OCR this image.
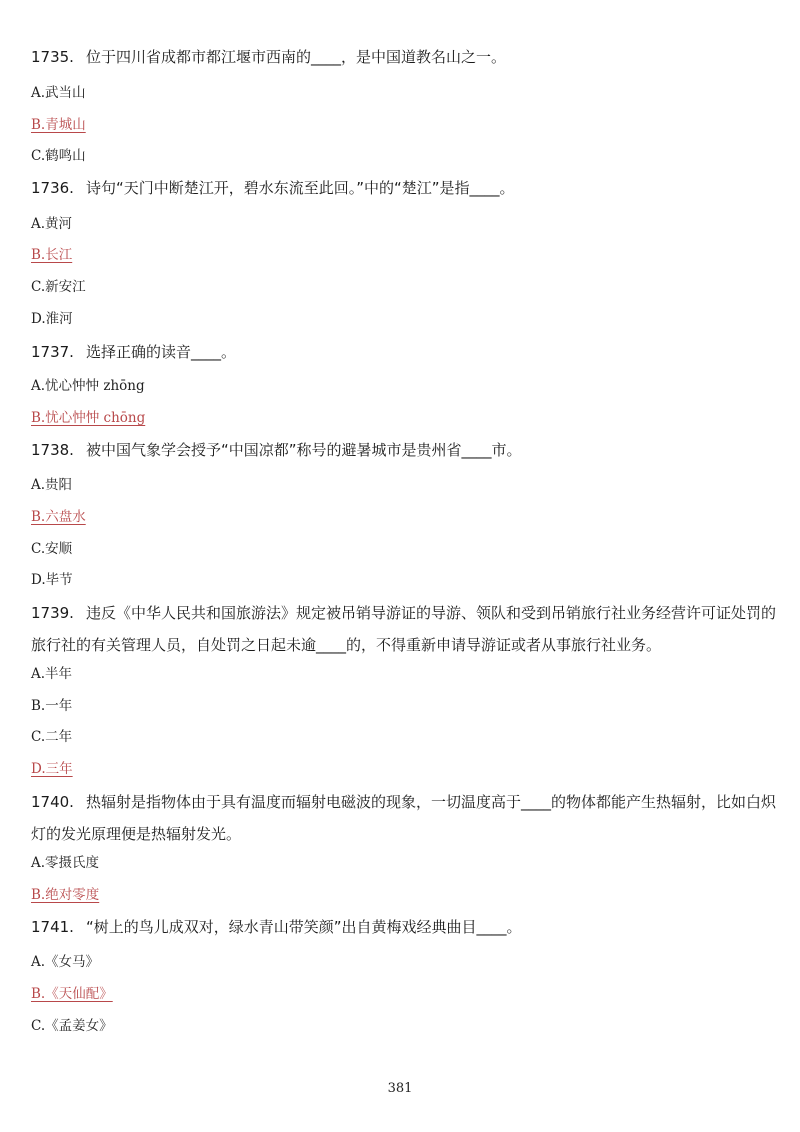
1735. 位于四川省成都市都江堰市西南的____，是中国道教名山之一。
A.武当山
B.青城山
C.鹤鸣山
1736. 诗句“天门中断楚江开，碧水东流至此回。”中的“楚江”是指____。
A.黄河
B.长江
C.新安江
D.淮河
1737. 选择正确的读音____。
A.忧心忡忡 zhōng
B.忧心忡忡 chōng
1738. 被中国气象学会授予“中国凉都”称号的避暑城市是贵州省____市。
A.贵阳
B.六盘水
C.安顺
D.毕节
1739. 违反《中华人民共和国旅游法》规定被吊销导游证的导游、领队和受到吊销旅行社业务经营许可证处罚的旅行社的有关管理人员，自处罚之日起未逾____的，不得重新申请导游证或者从事旅行社业务。
A.半年
B.一年
C.二年
D.三年
1740. 热辐射是指物体由于具有温度而辐射电磁波的现象，一切温度高于____的物体都能产生热辐射，比如白炽灯的发光原理便是热辐射发光。
A.零摄氏度
B.绝对零度
1741. “树上的鸟儿成双对，绿水青山带笑颜”出自黄梅戏经典曲目____。
A.《女马》
B.《天仙配》
C.《孟姜女》
381
